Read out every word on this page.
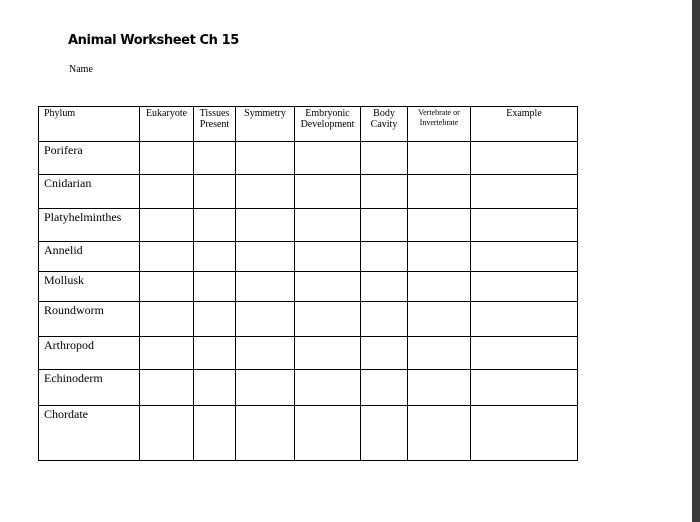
Animal Worksheet Ch 15
Name
Phylum	Eukaryote	Tissues Present	Symmetry	Embryonic Development	Body Cavity	Vertebrate or Invertebrate	Example
Porifera							
Cnidarian							
Platyhelminthes							
Annelid							
Mollusk							
Roundworm							
Arthropod							
Echinoderm							
Chordate							
